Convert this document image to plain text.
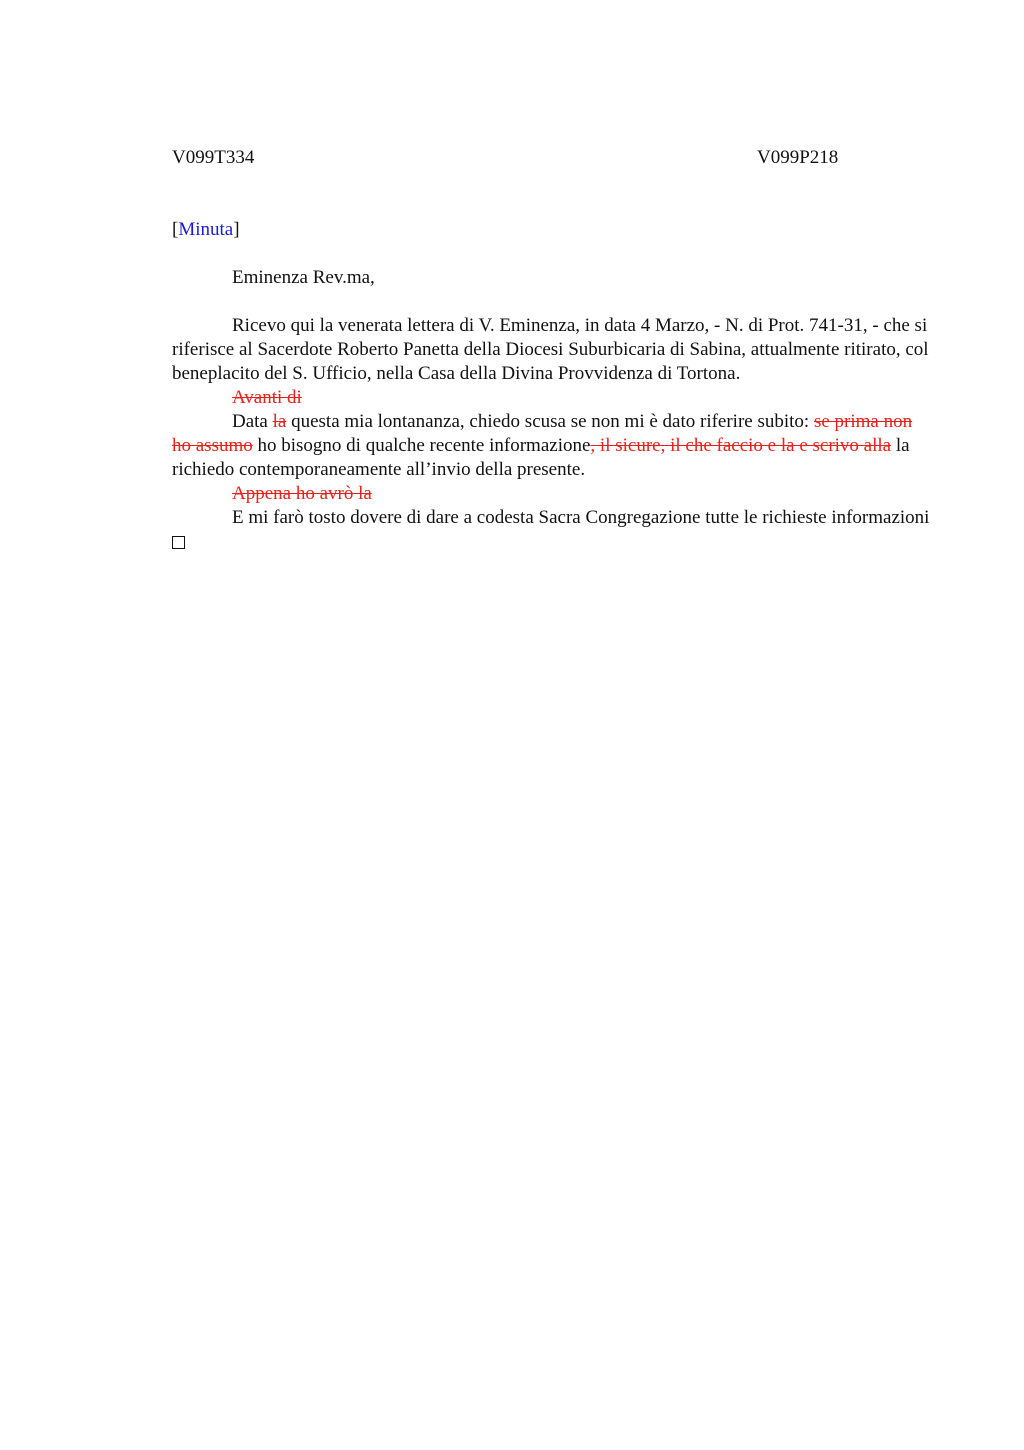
V099T334	V099P218
[Minuta]
Eminenza Rev.ma,
Ricevo qui la venerata lettera di V. Eminenza, in data 4 Marzo, - N. di Prot. 741-31, - che si riferisce al Sacerdote Roberto Panetta della Diocesi Suburbicaria di Sabina, attualmente ritirato, col beneplacito del S. Ufficio, nella Casa della Divina Provvidenza di Tortona.
Avanti di
Data la questa mia lontananza, chiedo scusa se non mi è dato riferire subito: se prima non ho assumo ho bisogno di qualche recente informazione, il sicure, il che faccio e la e scrivo alla la richiedo contemporaneamente all’invio della presente.
Appena ho avrò la
E mi farò tosto dovere di dare a codesta Sacra Congregazione tutte le richieste informazioni
